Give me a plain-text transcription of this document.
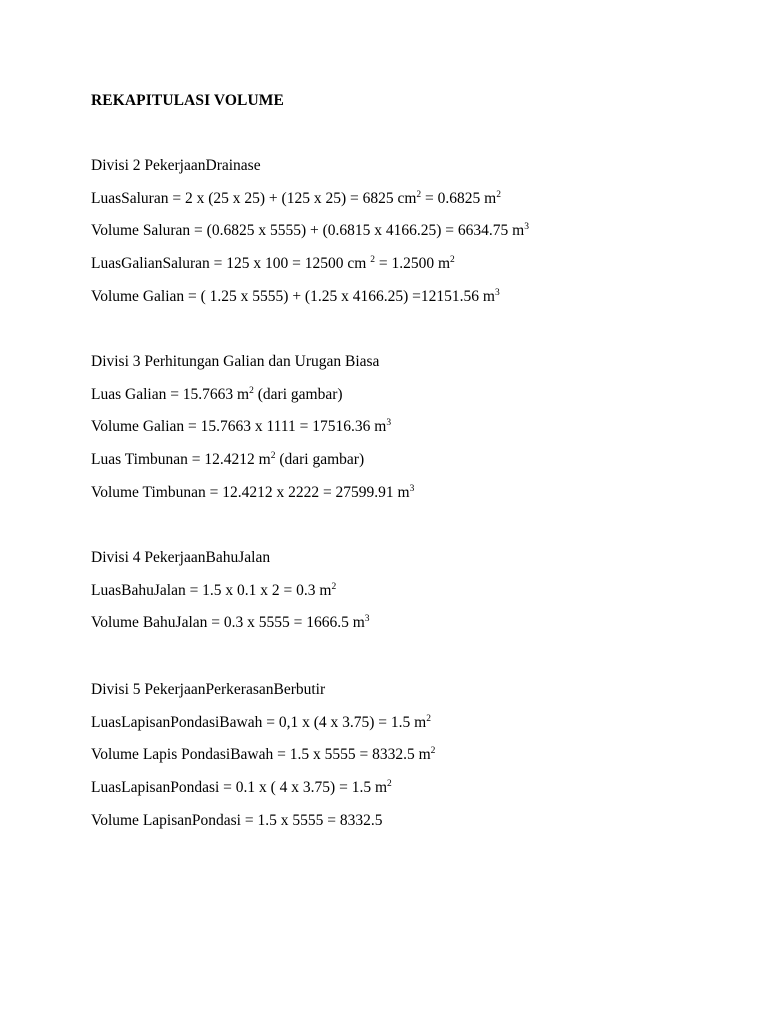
REKAPITULASI VOLUME

Divisi 2 PekerjaanDrainase

LuasSaluran = 2 x (25 x 25) + (125 x 25) = 6825 $cm^2 = 0.6825$ $m^2$

Volume Saluran = (0.6825 x 5555) + (0.6815 x 4166.25) = 6634.75 $m^3$

LuasGalianSaluran = 125 x 100 = 12500 cm $^2$ = 1.2500 $m^2$

Volume Galian = ( 1.25 x 5555) + (1.25 x 4166.25) =12151.56 $m^3$

Divisi 3 Perhitungan Galian dan Urugan Biasa

Luas Galian = 15.7663 $m^2$ (dari gambar)

Volume Galian = 15.7663 x 1111 = 17516.36 $m^3$

Luas Timbunan = 12.4212 $m^2$ (dari gambar)

Volume Timbunan = 12.4212 x 2222 = 27599.91 $m^3$

Divisi 4 PekerjaanBahuJalan

LuasBahuJalan = 1.5 x 0.1 x 2 = 0.3 $m^2$

Volume BahuJalan = 0.3 x 5555 = 1666.5 $m^3$

Divisi 5 PekerjaanPerkerasanBerbutir

LuasLapisanPondasiBawah = 0,1 x (4 x 3.75) = 1.5 $m^2$

Volume Lapis PondasiBawah = 1.5 x 5555 = 8332.5 $m^2$

LuasLapisanPondasi = 0.1 x ( 4 x 3.75) = 1.5 $m^2$

Volume LapisanPondasi = 1.5 x 5555 = 8332.5
